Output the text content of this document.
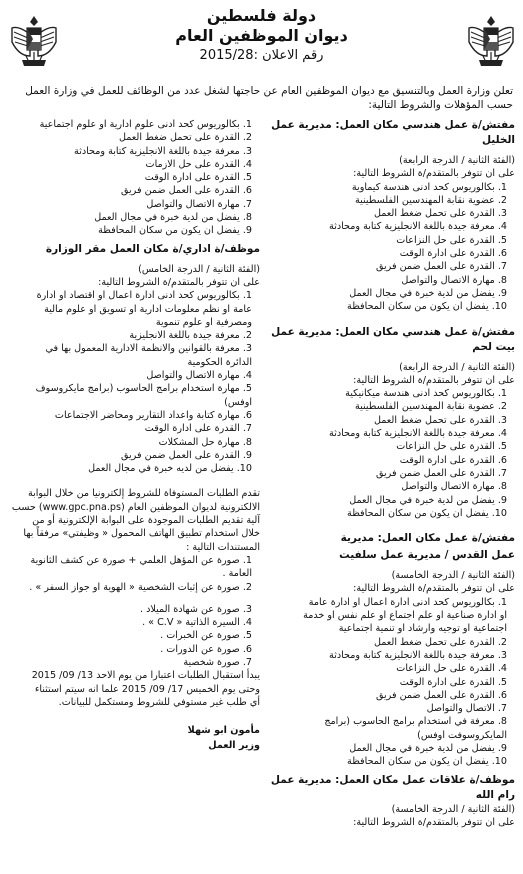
دولة فلسطين
ديوان الموظفين العام
رقم الاعلان :2015/28
تعلن وزارة العمل وبالتنسيق مع ديوان الموظفين العام عن حاجتها لشغل عدد من الوظائف للعمل في وزارة العمل حسب المؤهلات والشروط التالية:
مفتش/ة عمل هندسي مكان العمل: مديرية عمل الخليل
(الفئة الثانية / الدرجة الرابعة)
على ان تتوفر بالمتقدم/ة الشروط التالية:
1. بكالوريوس كحد ادنى هندسة كيماوية
2. عضوية نقابة المهندسين الفلسطينية
3. القدرة على تحمل ضغط العمل
4. معرفة جيدة باللغة الانجليزية كتابة ومحادثة
5. القدرة على حل النزاعات
6. القدرة على ادارة الوقت
7. القدرة على العمل ضمن فريق
8. مهارة الاتصال والتواصل
9. يفضل من لدية خبرة في مجال العمل
10. يفضل ان يكون من سكان المحافظة
مفتش/ة عمل هندسي مكان العمل: مديرية عمل بيت لحم
(الفئة الثانية / الدرجة الرابعة)
على ان تتوفر بالمتقدم/ة الشروط التالية:
1. بكالوريوس كحد ادنى هندسة ميكانيكية
2. عضوية نقابة المهندسين الفلسطينية
3. القدرة على تحمل ضغط العمل
4. معرفة جيدة باللغة الانجليزية كتابة ومحادثة
5. القدرة على حل النزاعات
6. القدرة على ادارة الوقت
7. القدرة على العمل ضمن فريق
8. مهارة الاتصال والتواصل
9. يفضل من لدية خبرة في مجال العمل
10. يفضل ان يكون من سكان المحافظة
مفتش/ة عمل مكان العمل: مديرية
عمل القدس / مديرية عمل سلفيت
(الفئة الثانية / الدرجة الخامسة)
على ان تتوفر بالمتقدم/ة الشروط التالية:
1. بكالوريوس كحد ادنى ادارة اعمال او ادارة عامة
او ادارة صناعية او علم اجتماع او علم نفس او خدمة
اجتماعية او توجيه وارشاد او تنمية اجتماعية
2. القدرة على تحمل ضغط العمل
3. معرفة جيدة باللغة الانجليزية كتابة ومحادثة
4. القدرة على حل النزاعات
5. القدرة على ادارة الوقت
6. القدرة على العمل ضمن فريق
7. الاتصال والتواصل
8. معرفة في استخدام برامج الحاسوب (برامج
المايكروسوفت اوفس)
9. يفضل من لدية خبرة في مجال العمل
10. يفضل ان يكون من سكان المحافظة
موظف/ة علاقات عمل مكان العمل: مديرية عمل رام الله
(الفئة الثانية / الدرجة الخامسة)
على ان تتوفر بالمتقدم/ة الشروط التالية:
1. بكالوريوس كحد ادنى علوم ادارية او علوم اجتماعية
2. القدرة على تحمل ضغط العمل
3. معرفة جيدة باللغة الانجليزية كتابة ومحادثة
4. القدرة على حل الازمات
5. القدرة على ادارة الوقت
6. القدرة على العمل ضمن فريق
7. مهارة الاتصال والتواصل
8. يفضل من لدية خبرة في مجال العمل
9. يفضل ان يكون من سكان المحافظة
موظف/ة اداري/ة مكان العمل مقر الوزارة
(الفئة الثانية / الدرجة الخامس)
على ان تتوفر بالمتقدم/ة الشروط التالية:
1. بكالوريوس كحد ادنى ادارة اعمال او اقتصاد او ادارة
عامة او نظم معلومات ادارية او تسويق او علوم مالية
ومصرفية او علوم تنموية
2. معرفة جيدة باللغة الانجليزية
3. معرفة بالقوانين والانظمة الادارية المعمول بها في
الدائرة الحكومية
4. مهارة الاتصال والتواصل
5. مهارة استخدام برامج الحاسوب (برامج مايكروسوف
اوفس)
6. مهارة كتابة واعداد التقارير ومحاضر الاجتماعات
7. القدرة على ادارة الوقت
8. مهارة حل المشكلات
9. القدرة على العمل ضمن فريق
10. يفضل من لديه خبرة في مجال العمل
تقدم الطلبات المستوفاة للشروط إلكترونيا من خلال البوابة
الالكترونية لديوان الموظفين العام (www.gpc.pna.ps) حسب
آلية تقديم الطلبات الموجودة على البوابة الإلكترونية أو من
خلال استخدام تطبيق الهاتف المحمول « وظيفتي» مرفقاً بها
المستندات التالية :
1. صورة عن المؤهل العلمي + صورة عن كشف الثانوية
العامة .
2. صورة عن إثبات الشخصية « الهوية او جواز السفر » .
3. صورة عن شهادة الميلاد .
4. السيرة الذاتية « C.V » .
5. صورة عن الخبرات .
6. صورة عن الدورات .
7. صورة شخصية
يبدأ استقبال الطلبات اعتبارا من يوم الاحد 13/ 09/ 2015
وحتى يوم الخميس 17/ 09/ 2015 علما انه سيتم استثناء
أي طلب غير مستوفي للشروط ومستكمل للبيانات.
مأمون ابو شهلا
وزير العمل
